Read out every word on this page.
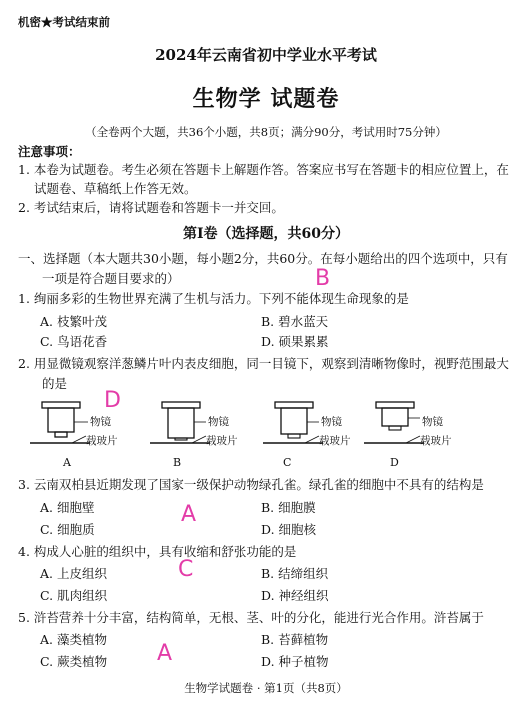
机密★考试结束前
2024年云南省初中学业水平考试
生物学 试题卷
（全卷两个大题，共36个小题，共8页；满分90分，考试用时75分钟）
注意事项：
1. 本卷为试题卷。考生必须在答题卡上解题作答。答案应书写在答题卡的相应位置上，在
试题卷、草稿纸上作答无效。
2. 考试结束后，请将试题卷和答题卡一并交回。
第Ⅰ卷（选择题，共60分）
一、选择题（本大题共30小题，每小题2分，共60分。在每小题给出的四个选项中，只有
一项是符合题目要求的）
1. 绚丽多彩的生物世界充满了生机与活力。下列不能体现生命现象的是
B
A. 枝繁叶茂	B. 碧水蓝天
C. 鸟语花香	D. 硕果累累
2. 用显微镜观察洋葱鳞片叶内表皮细胞，同一目镜下，观察到清晰物像时，视野范围最大
的是
D
物镜
载玻片
物镜
载玻片
物镜
载玻片
物镜
载玻片
A	B	C	D
3. 云南双柏县近期发现了国家一级保护动物绿孔雀。绿孔雀的细胞中不具有的结构是
A. 细胞壁	B. 细胞膜
C. 细胞质	D. 细胞核
A
4. 构成人心脏的组织中，具有收缩和舒张功能的是
A. 上皮组织	B. 结缔组织
C. 肌肉组织	D. 神经组织
C
5. 浒苔营养十分丰富，结构简单，无根、茎、叶的分化，能进行光合作用。浒苔属于
A. 藻类植物	B. 苔藓植物
C. 蕨类植物	D. 种子植物
A
生物学试题卷 · 第1页（共8页）
